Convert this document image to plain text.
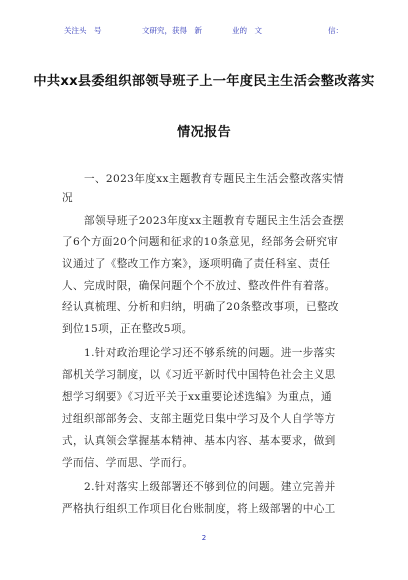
关注头　号	文研究，获得　新	业的　文	信：　
中共xx县委组织部领导班子上一年度民主生活会整改落实
情况报告
一、2023年度xx主题教育专题民主生活会整改落实情
况
部领导班子2023年度xx主题教育专题民主生活会查摆
了6个方面20个问题和征求的10条意见，经部务会研究审
议通过了《整改工作方案》，逐项明确了责任科室、责任
人、完成时限，确保问题个个不放过、整改件件有着落。
经认真梳理、分析和归纳，明确了20条整改事项，已整改
到位15项，正在整改5项。
1.针对政治理论学习还不够系统的问题。进一步落实
部机关学习制度，以《习近平新时代中国特色社会主义思
想学习纲要》《习近平关于xx重要论述选编》为重点，通
过组织部部务会、支部主题党日集中学习及个人自学等方
式，认真领会掌握基本精神、基本内容、基本要求，做到
学而信、学而思、学而行。
2.针对落实上级部署还不够到位的问题。建立完善并
严格执行组织工作项目化台账制度，将上级部署的中心工
2
